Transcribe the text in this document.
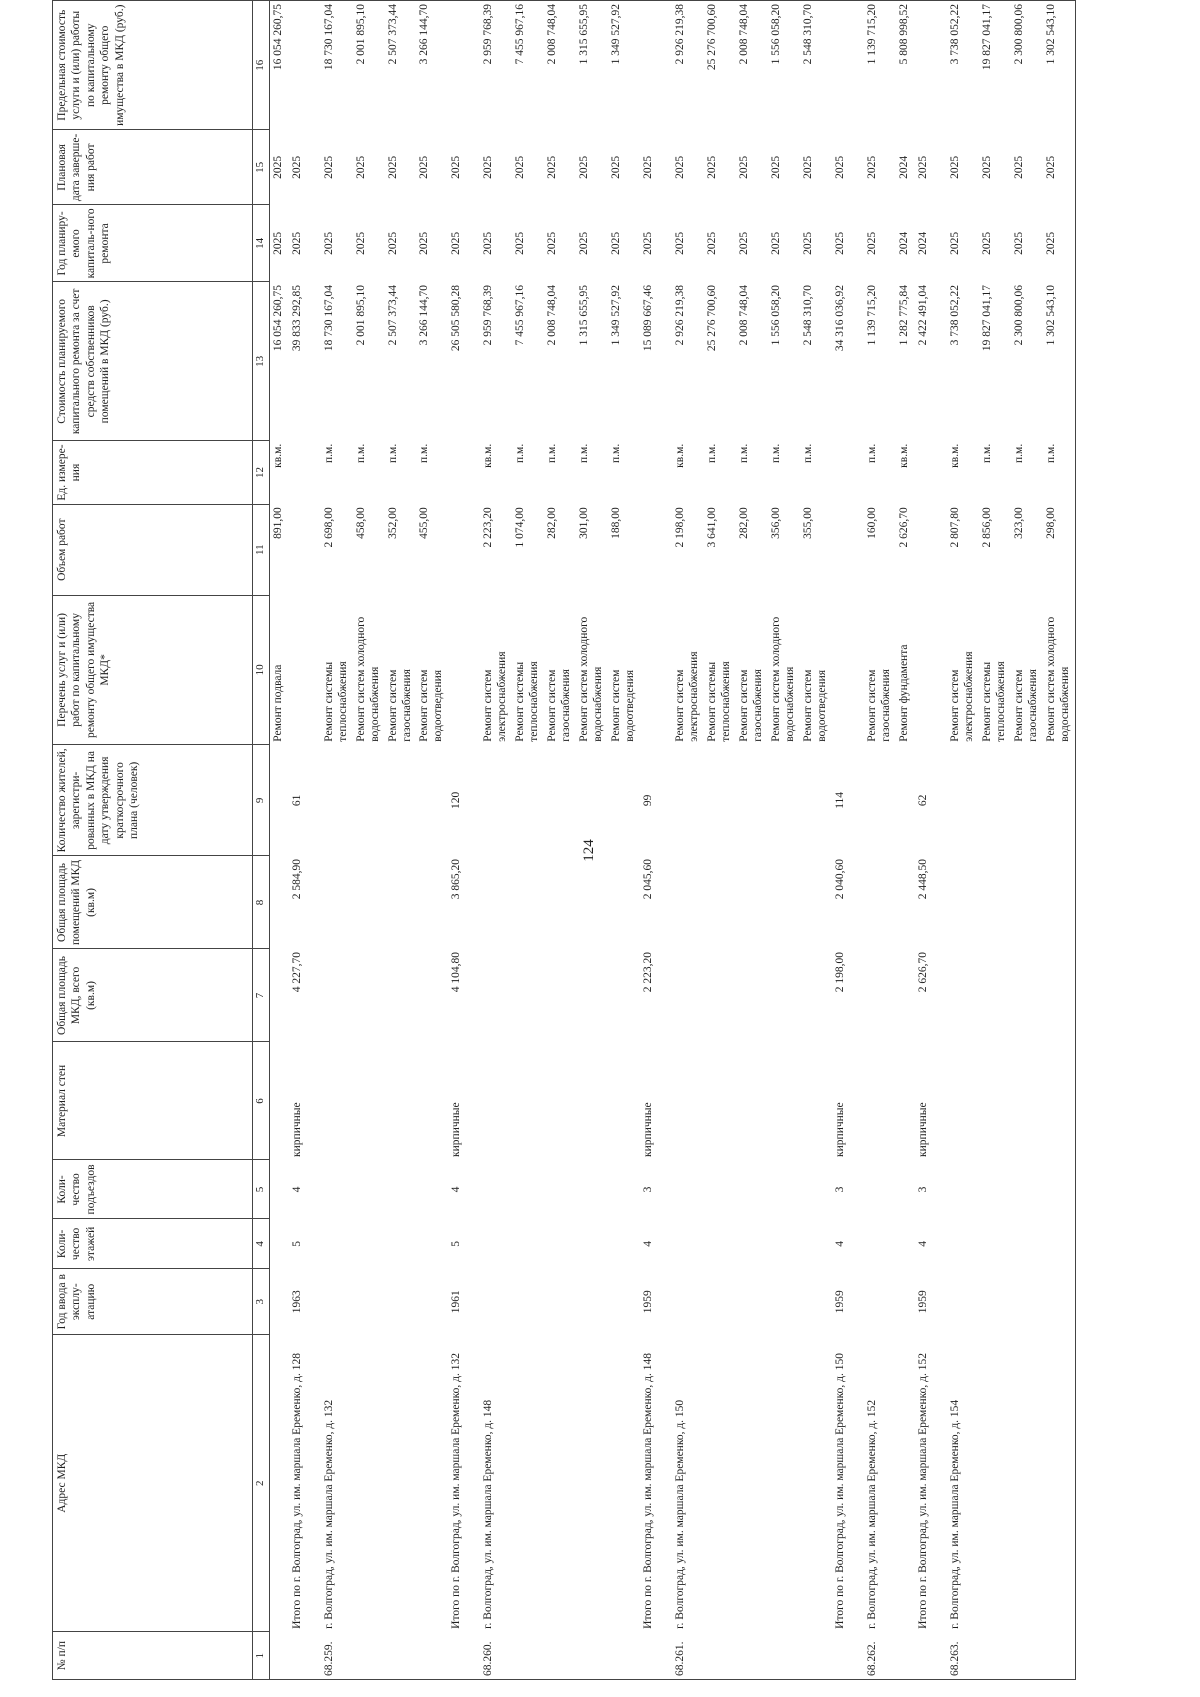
124
№ п/п	Адрес МКД	Год ввода в эксплу-атацию	Коли-чество этажей	Коли-чество подъездов	Материал стен	Общая площадь МКД, всего (кв.м)	Общая площадь помещений МКД (кв.м)	Количество жителей, зарегистри-рованных в МКД на дату утверждения краткосрочного плана (человек)	Перечень услуг и (или) работ по капитальному ремонту общего имущества МКД*	Объем работ	Ед. измере-ния	Стоимость планируемого капитального ремонта за счет средств собственников помещений в МКД (руб.)	Год планиру-емого капиталь-ного ремонта	Плановая дата заверше-ния работ	Предельная стоимость услуги и (или) работы по капитальному ремонту общего имущества в МКД (руб.)
1	2	3	4	5	6	7	8	9	10	11	12	13	14	15	16
									Ремонт подвала	891,00	кв.м.	16 054 260,75	2025	2025	16 054 260,75
	Итого по г. Волгоград, ул. им. маршала Еременко, д. 128	1963	5	4	кирпичные	4 227,70	2 584,90	61				39 833 292,85	2025	2025	
68.259.	г. Волгоград, ул. им. маршала Еременко, д. 132								Ремонт системы теплоснабжения	2 698,00	п.м.	18 730 167,04	2025	2025	18 730 167,04
									Ремонт систем холодного водоснабжения	458,00	п.м.	2 001 895,10	2025	2025	2 001 895,10
									Ремонт систем газоснабжения	352,00	п.м.	2 507 373,44	2025	2025	2 507 373,44
									Ремонт систем водоотведения	455,00	п.м.	3 266 144,70	2025	2025	3 266 144,70
	Итого по г. Волгоград, ул. им. маршала Еременко, д. 132	1961	5	4	кирпичные	4 104,80	3 865,20	120				26 505 580,28	2025	2025	
68.260.	г. Волгоград, ул. им. маршала Еременко, д. 148								Ремонт систем электроснабжения	2 223,20	кв.м.	2 959 768,39	2025	2025	2 959 768,39
									Ремонт системы теплоснабжения	1 074,00	п.м.	7 455 967,16	2025	2025	7 455 967,16
									Ремонт систем газоснабжения	282,00	п.м.	2 008 748,04	2025	2025	2 008 748,04
									Ремонт систем холодного водоснабжения	301,00	п.м.	1 315 655,95	2025	2025	1 315 655,95
									Ремонт систем водоотведения	188,00	п.м.	1 349 527,92	2025	2025	1 349 527,92
	Итого по г. Волгоград, ул. им. маршала Еременко, д. 148	1959	4	3	кирпичные	2 223,20	2 045,60	99				15 089 667,46	2025	2025	
68.261.	г. Волгоград, ул. им. маршала Еременко, д. 150								Ремонт систем электроснабжения	2 198,00	кв.м.	2 926 219,38	2025	2025	2 926 219,38
									Ремонт системы теплоснабжения	3 641,00	п.м.	25 276 700,60	2025	2025	25 276 700,60
									Ремонт систем газоснабжения	282,00	п.м.	2 008 748,04	2025	2025	2 008 748,04
									Ремонт систем холодного водоснабжения	356,00	п.м.	1 556 058,20	2025	2025	1 556 058,20
									Ремонт систем водоотведения	355,00	п.м.	2 548 310,70	2025	2025	2 548 310,70
	Итого по г. Волгоград, ул. им. маршала Еременко, д. 150	1959	4	3	кирпичные	2 198,00	2 040,60	114				34 316 036,92	2025	2025	
68.262.	г. Волгоград, ул. им. маршала Еременко, д. 152								Ремонт систем газоснабжения	160,00	п.м.	1 139 715,20	2025	2025	1 139 715,20
									Ремонт фундамента	2 626,70	кв.м.	1 282 775,84	2024	2024	5 808 998,52
	Итого по г. Волгоград, ул. им. маршала Еременко, д. 152	1959	4	3	кирпичные	2 626,70	2 448,50	62				2 422 491,04	2024	2025	
68.263.	г. Волгоград, ул. им. маршала Еременко, д. 154								Ремонт систем электроснабжения	2 807,80	кв.м.	3 738 052,22	2025	2025	3 738 052,22
									Ремонт системы теплоснабжения	2 856,00	п.м.	19 827 041,17	2025	2025	19 827 041,17
									Ремонт систем газоснабжения	323,00	п.м.	2 300 800,06	2025	2025	2 300 800,06
									Ремонт систем холодного водоснабжения	298,00	п.м.	1 302 543,10	2025	2025	1 302 543,10
